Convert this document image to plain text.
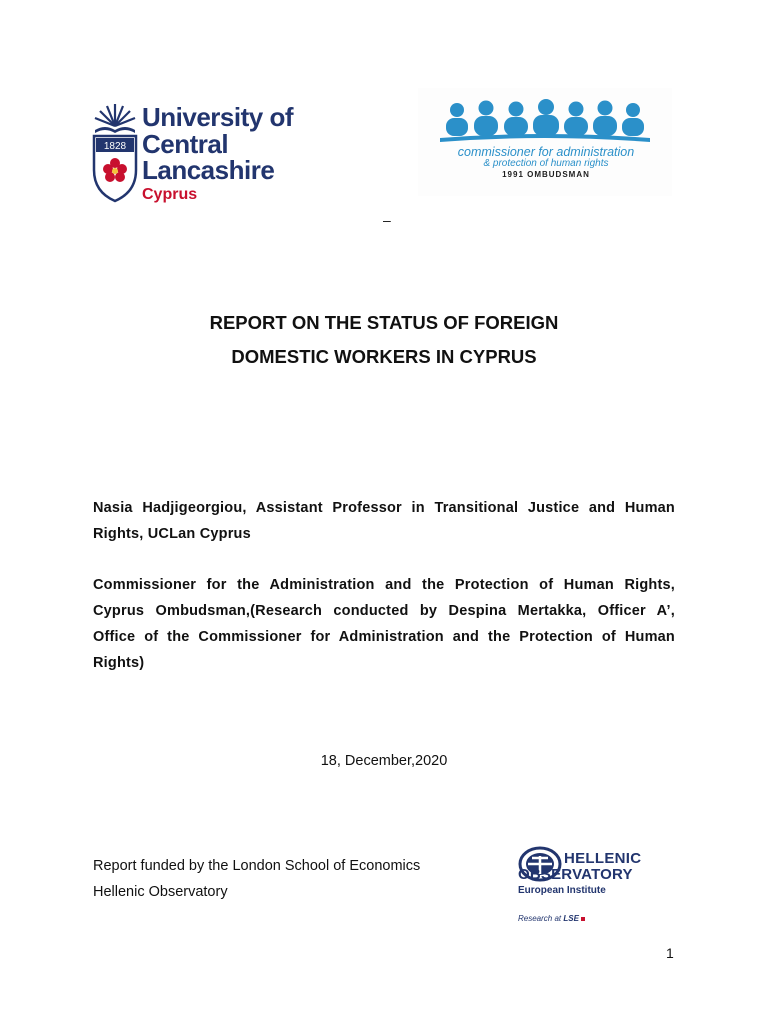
1828
University of
Central Lancashire
Cyprus
commissioner for administration
& protection of human rights
1991 OMBUDSMAN
–
REPORT ON THE STATUS OF FOREIGN
DOMESTIC WORKERS IN CYPRUS

Nasia Hadjigeorgiou, Assistant Professor in Transitional Justice and Human
Rights, UCLan Cyprus

Commissioner for the Administration and the Protection of Human Rights,
Cyprus Ombudsman,(Research conducted by Despina Mertakka, Officer A’,
Office of the Commissioner for Administration and the Protection of Human
Rights)

18, December,2020
Report funded by the London School of Economics
Hellenic Observatory
HELLENIC
OBSERVATORY
European Institute
Research at LSE
1
